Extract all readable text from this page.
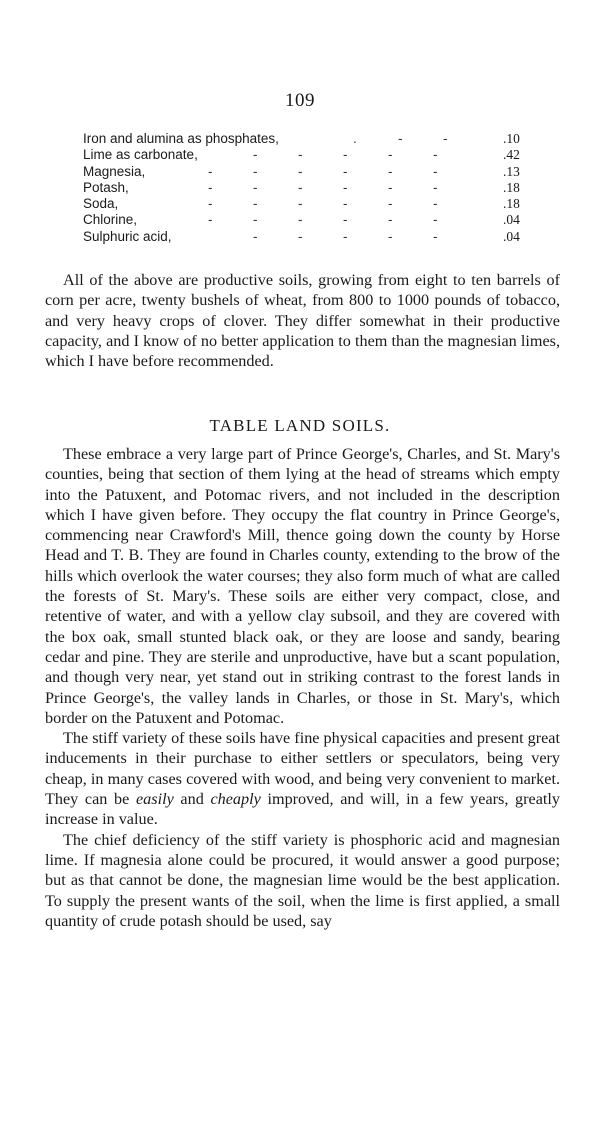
109
Iron and alumina as phosphates,	.	-	-	.10
Lime as carbonate,	-	-	-	-	-	.42
Magnesia,	-	-	-	-	-	-	.13
Potash,	-	-	-	-	-	-	.18
Soda,	-	-	-	-	-	-	.18
Chlorine,	-	-	-	-	-	-	.04
Sulphuric acid,	-	-	-	-	-	.04

All of the above are productive soils, growing from eight to ten barrels of corn per acre, twenty bushels of wheat, from 800 to 1000 pounds of tobacco, and very heavy crops of clover. They differ somewhat in their productive capacity, and I know of no better application to them than the magnesian limes, which I have before recommended.

TABLE LAND SOILS.

These embrace a very large part of Prince George's, Charles, and St. Mary's counties, being that section of them lying at the head of streams which empty into the Patuxent, and Potomac rivers, and not included in the description which I have given before. They occupy the flat country in Prince George's, commencing near Crawford's Mill, thence going down the county by Horse Head and T. B. They are found in Charles county, extending to the brow of the hills which overlook the water courses; they also form much of what are called the forests of St. Mary's. These soils are either very compact, close, and retentive of water, and with a yellow clay subsoil, and they are covered with the box oak, small stunted black oak, or they are loose and sandy, bearing cedar and pine. They are sterile and unproductive, have but a scant population, and though very near, yet stand out in striking contrast to the forest lands in Prince George's, the valley lands in Charles, or those in St. Mary's, which border on the Patuxent and Potomac.

The stiff variety of these soils have fine physical capacities and present great inducements in their purchase to either settlers or speculators, being very cheap, in many cases covered with wood, and being very convenient to market. They can be easily and cheaply improved, and will, in a few years, greatly increase in value.

The chief deficiency of the stiff variety is phosphoric acid and magnesian lime. If magnesia alone could be procured, it would answer a good purpose; but as that cannot be done, the magnesian lime would be the best application. To supply the present wants of the soil, when the lime is first applied, a small quantity of crude potash should be used, say
